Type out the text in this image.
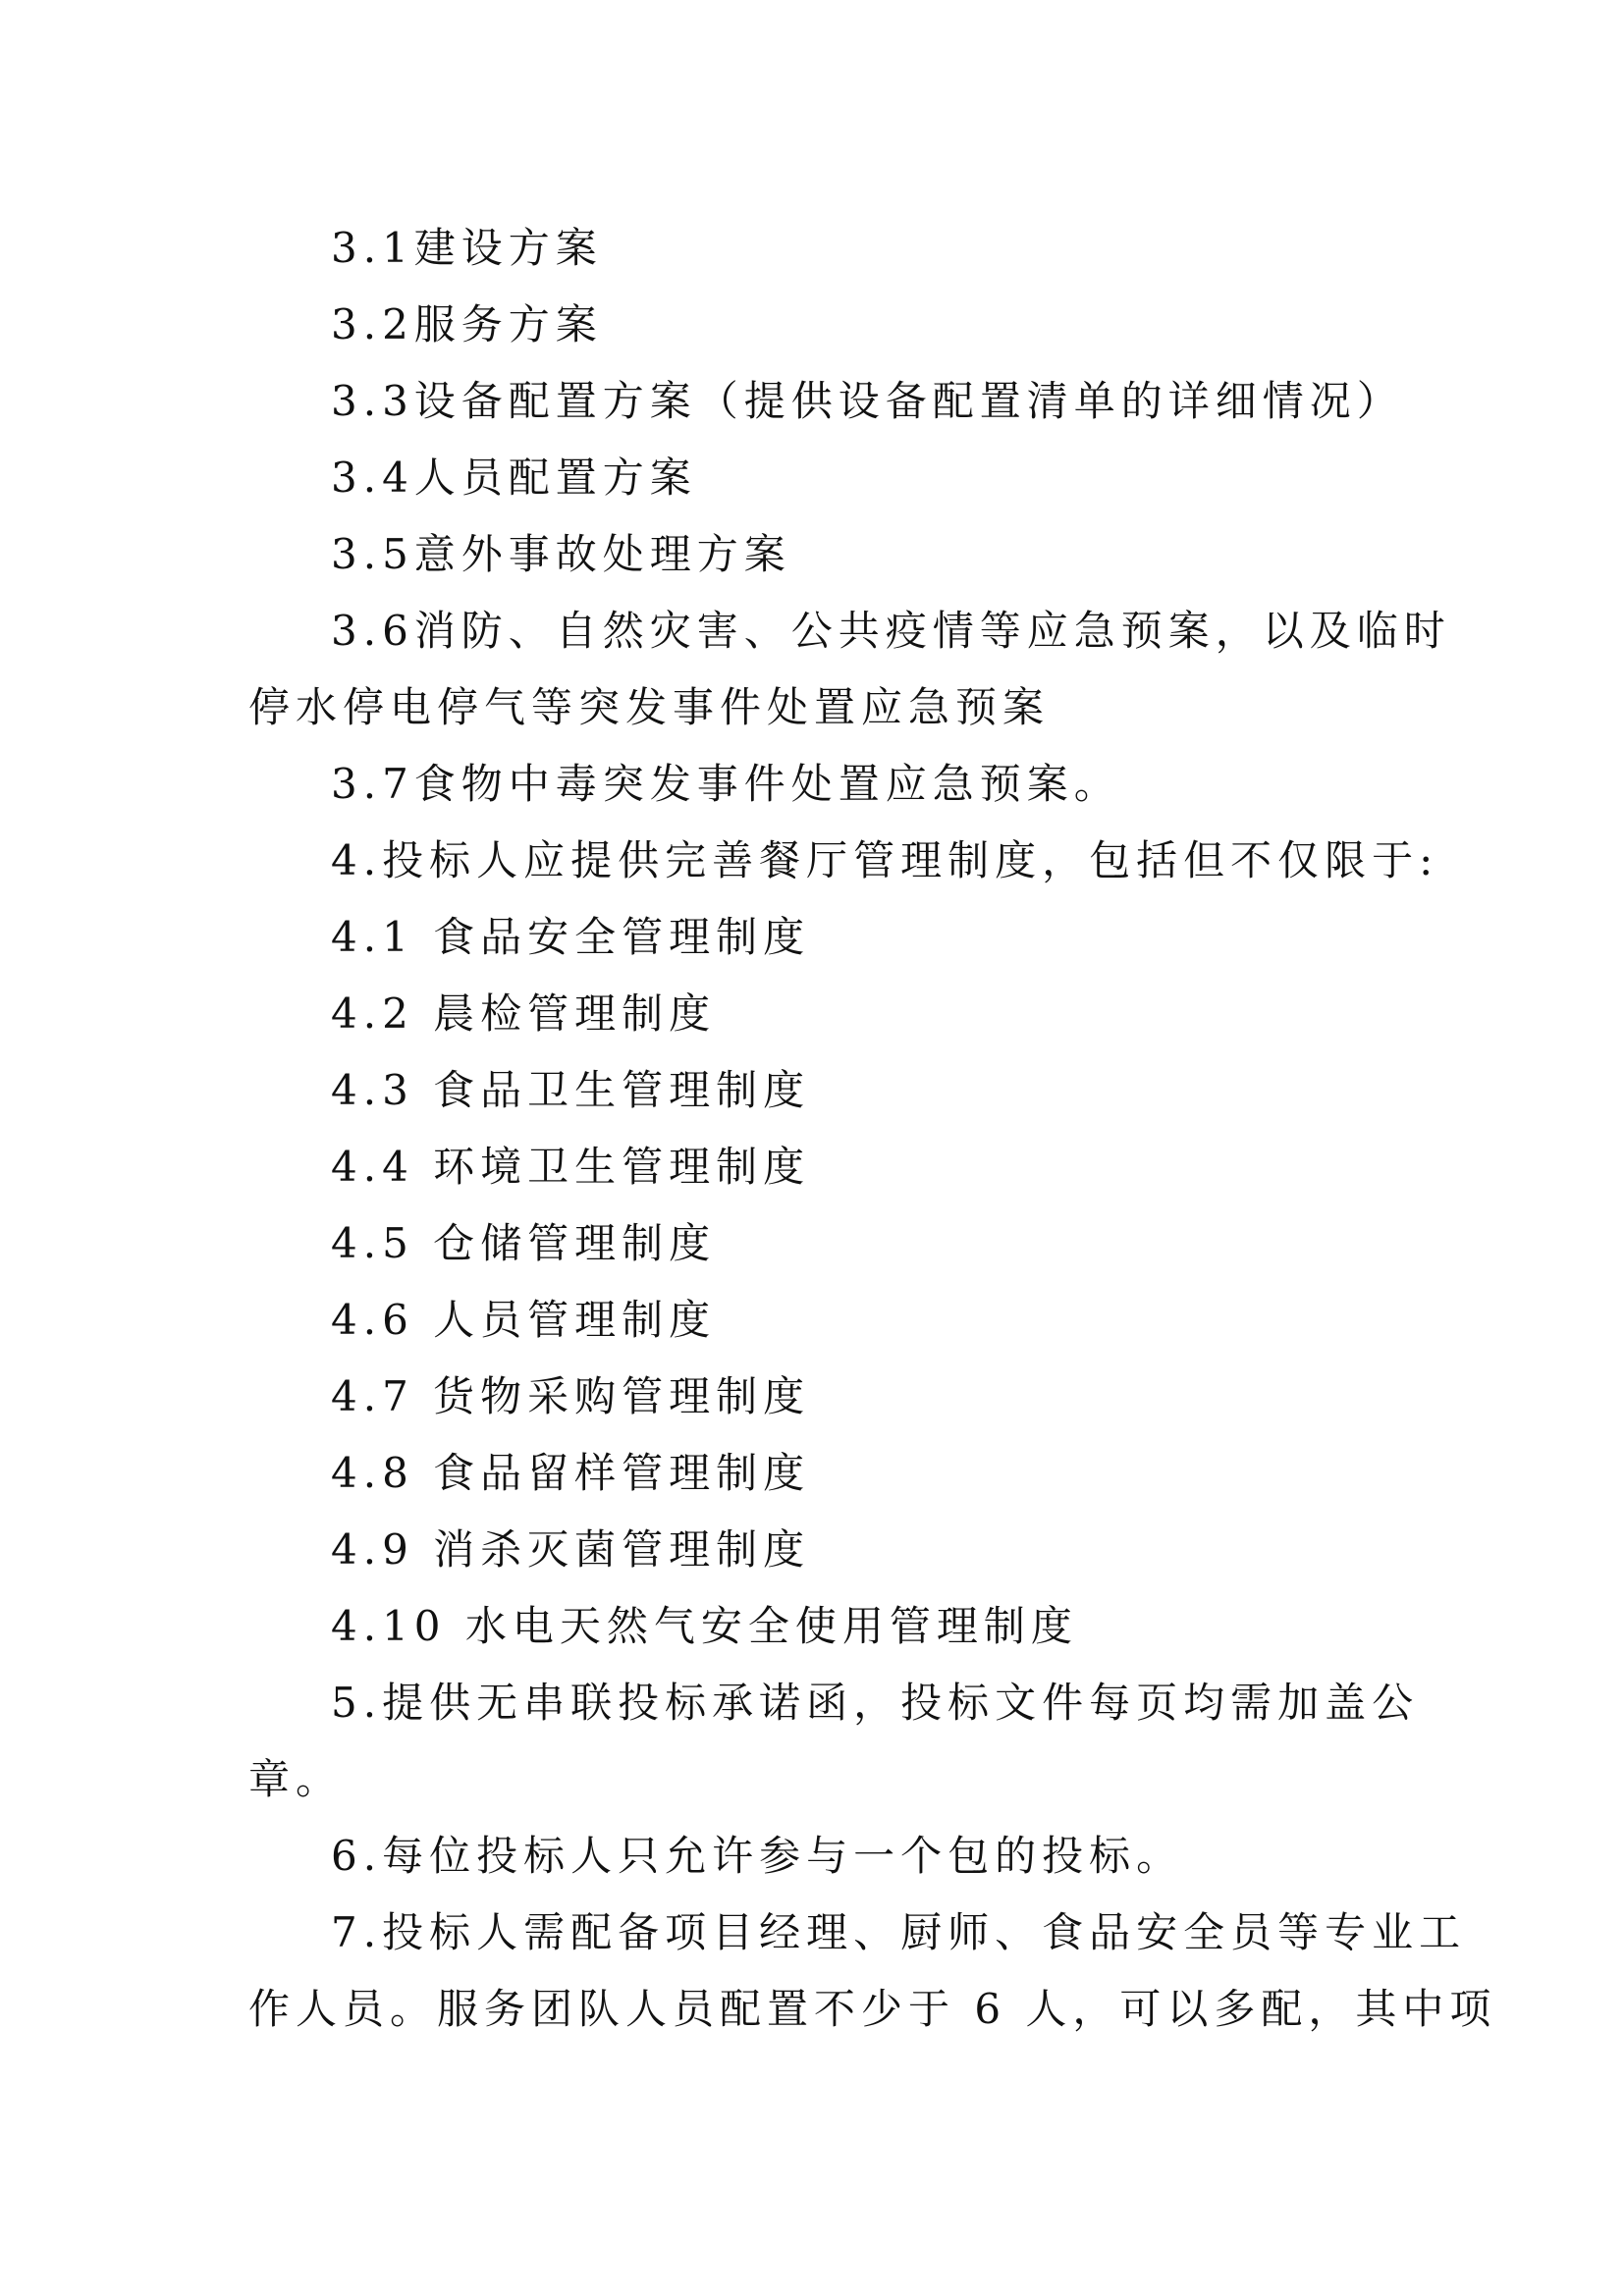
3.1建设方案

3.2服务方案

3.3设备配置方案（提供设备配置清单的详细情况）

3.4人员配置方案

3.5意外事故处理方案

3.6消防、自然灾害、公共疫情等应急预案，以及临时

停水停电停气等突发事件处置应急预案

3.7食物中毒突发事件处置应急预案。

4.投标人应提供完善餐厅管理制度，包括但不仅限于:

4.1 食品安全管理制度

4.2 晨检管理制度

4.3 食品卫生管理制度

4.4 环境卫生管理制度

4.5 仓储管理制度

4.6 人员管理制度

4.7 货物采购管理制度

4.8 食品留样管理制度

4.9 消杀灭菌管理制度

4.10 水电天然气安全使用管理制度

5.提供无串联投标承诺函，投标文件每页均需加盖公

章。

6.每位投标人只允许参与一个包的投标。

7.投标人需配备项目经理、厨师、食品安全员等专业工

作人员。服务团队人员配置不少于 6 人，可以多配，其中项
